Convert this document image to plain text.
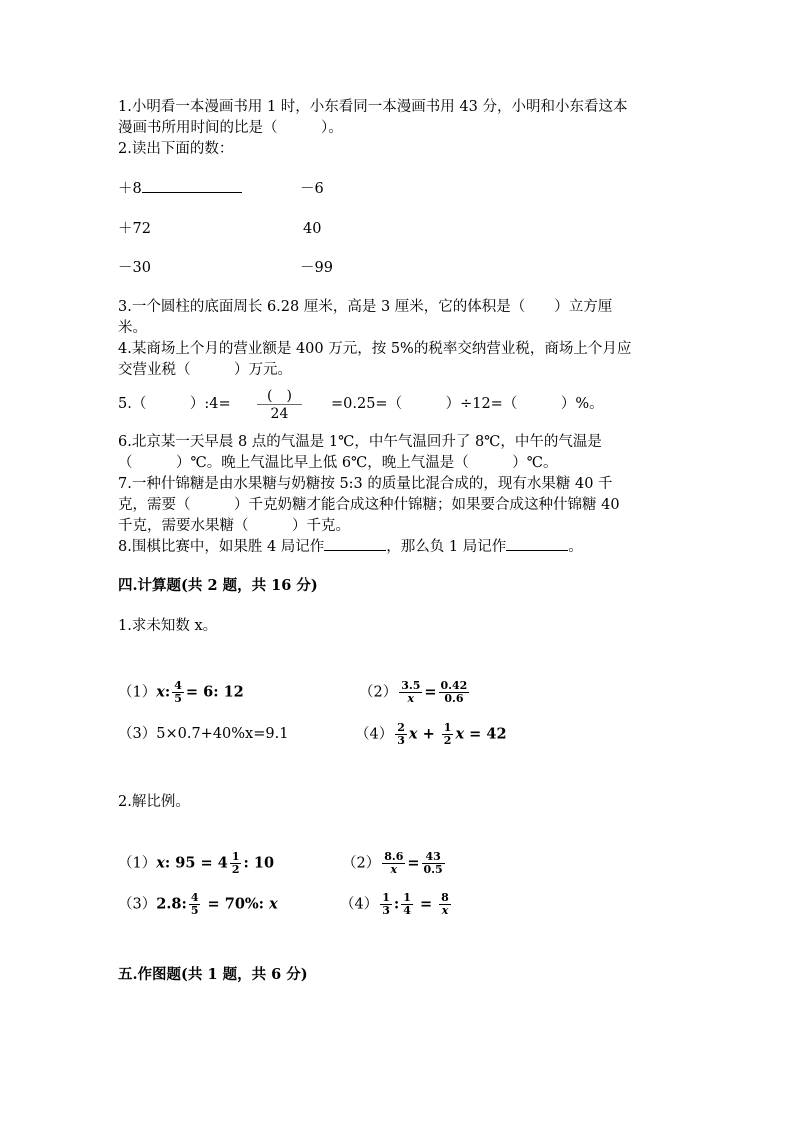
1.小明看一本漫画书用 1 时，小东看同一本漫画书用 43 分，小明和小东看这本
漫画书所用时间的比是（　　　）。
2.读出下面的数：
＋8	－6
＋72	40
－30	－99
3.一个圆柱的底面周长 6.28 厘米，高是 3 厘米，它的体积是（　　）立方厘
米。
4.某商场上个月的营业额是 400 万元，按 5%的税率交纳营业税，商场上个月应
交营业税（　　　）万元。
5.（　　　）:4=	(　)
24
=0.25=（　　　）÷12=（　　　）%。
6.北京某一天早晨 8 点的气温是 1℃，中午气温回升了 8℃，中午的气温是
（　　　）℃。晚上气温比早上低 6℃，晚上气温是（　　　）℃。
7.一种什锦糖是由水果糖与奶糖按 5:3 的质量比混合成的，现有水果糖 40 千
克，需要（　　　）千克奶糖才能合成这种什锦糖；如果要合成这种什锦糖 40
千克，需要水果糖（　　　）千克。
8.围棋比赛中，如果胜 4 局记作	，那么负 1 局记作	。
四.计算题(共 2 题，共 16 分)
1.求未知数 x。
（1）x: $\frac{4}{5} = 6$: 12	$(2) \frac{3.5}{x} = \frac{0.42}{0.6}$
（3）5×0.7+40%x=9.1	$(4) \frac{2}{3}$ $x + \frac{1}{2}$ x = 42
2.解比例。
（1）x: $95 = 4 \frac{1}{2}$ : 10	$(2) \frac{8.6}{x} = \frac{43}{0.5}$
（3）2.8: $\frac{4}{5} = 70\%$: x	$(4) \frac{1}{3}$ : $\frac{1}{4} = \frac{8}{x}$
五.作图题(共 1 题，共 6 分)
